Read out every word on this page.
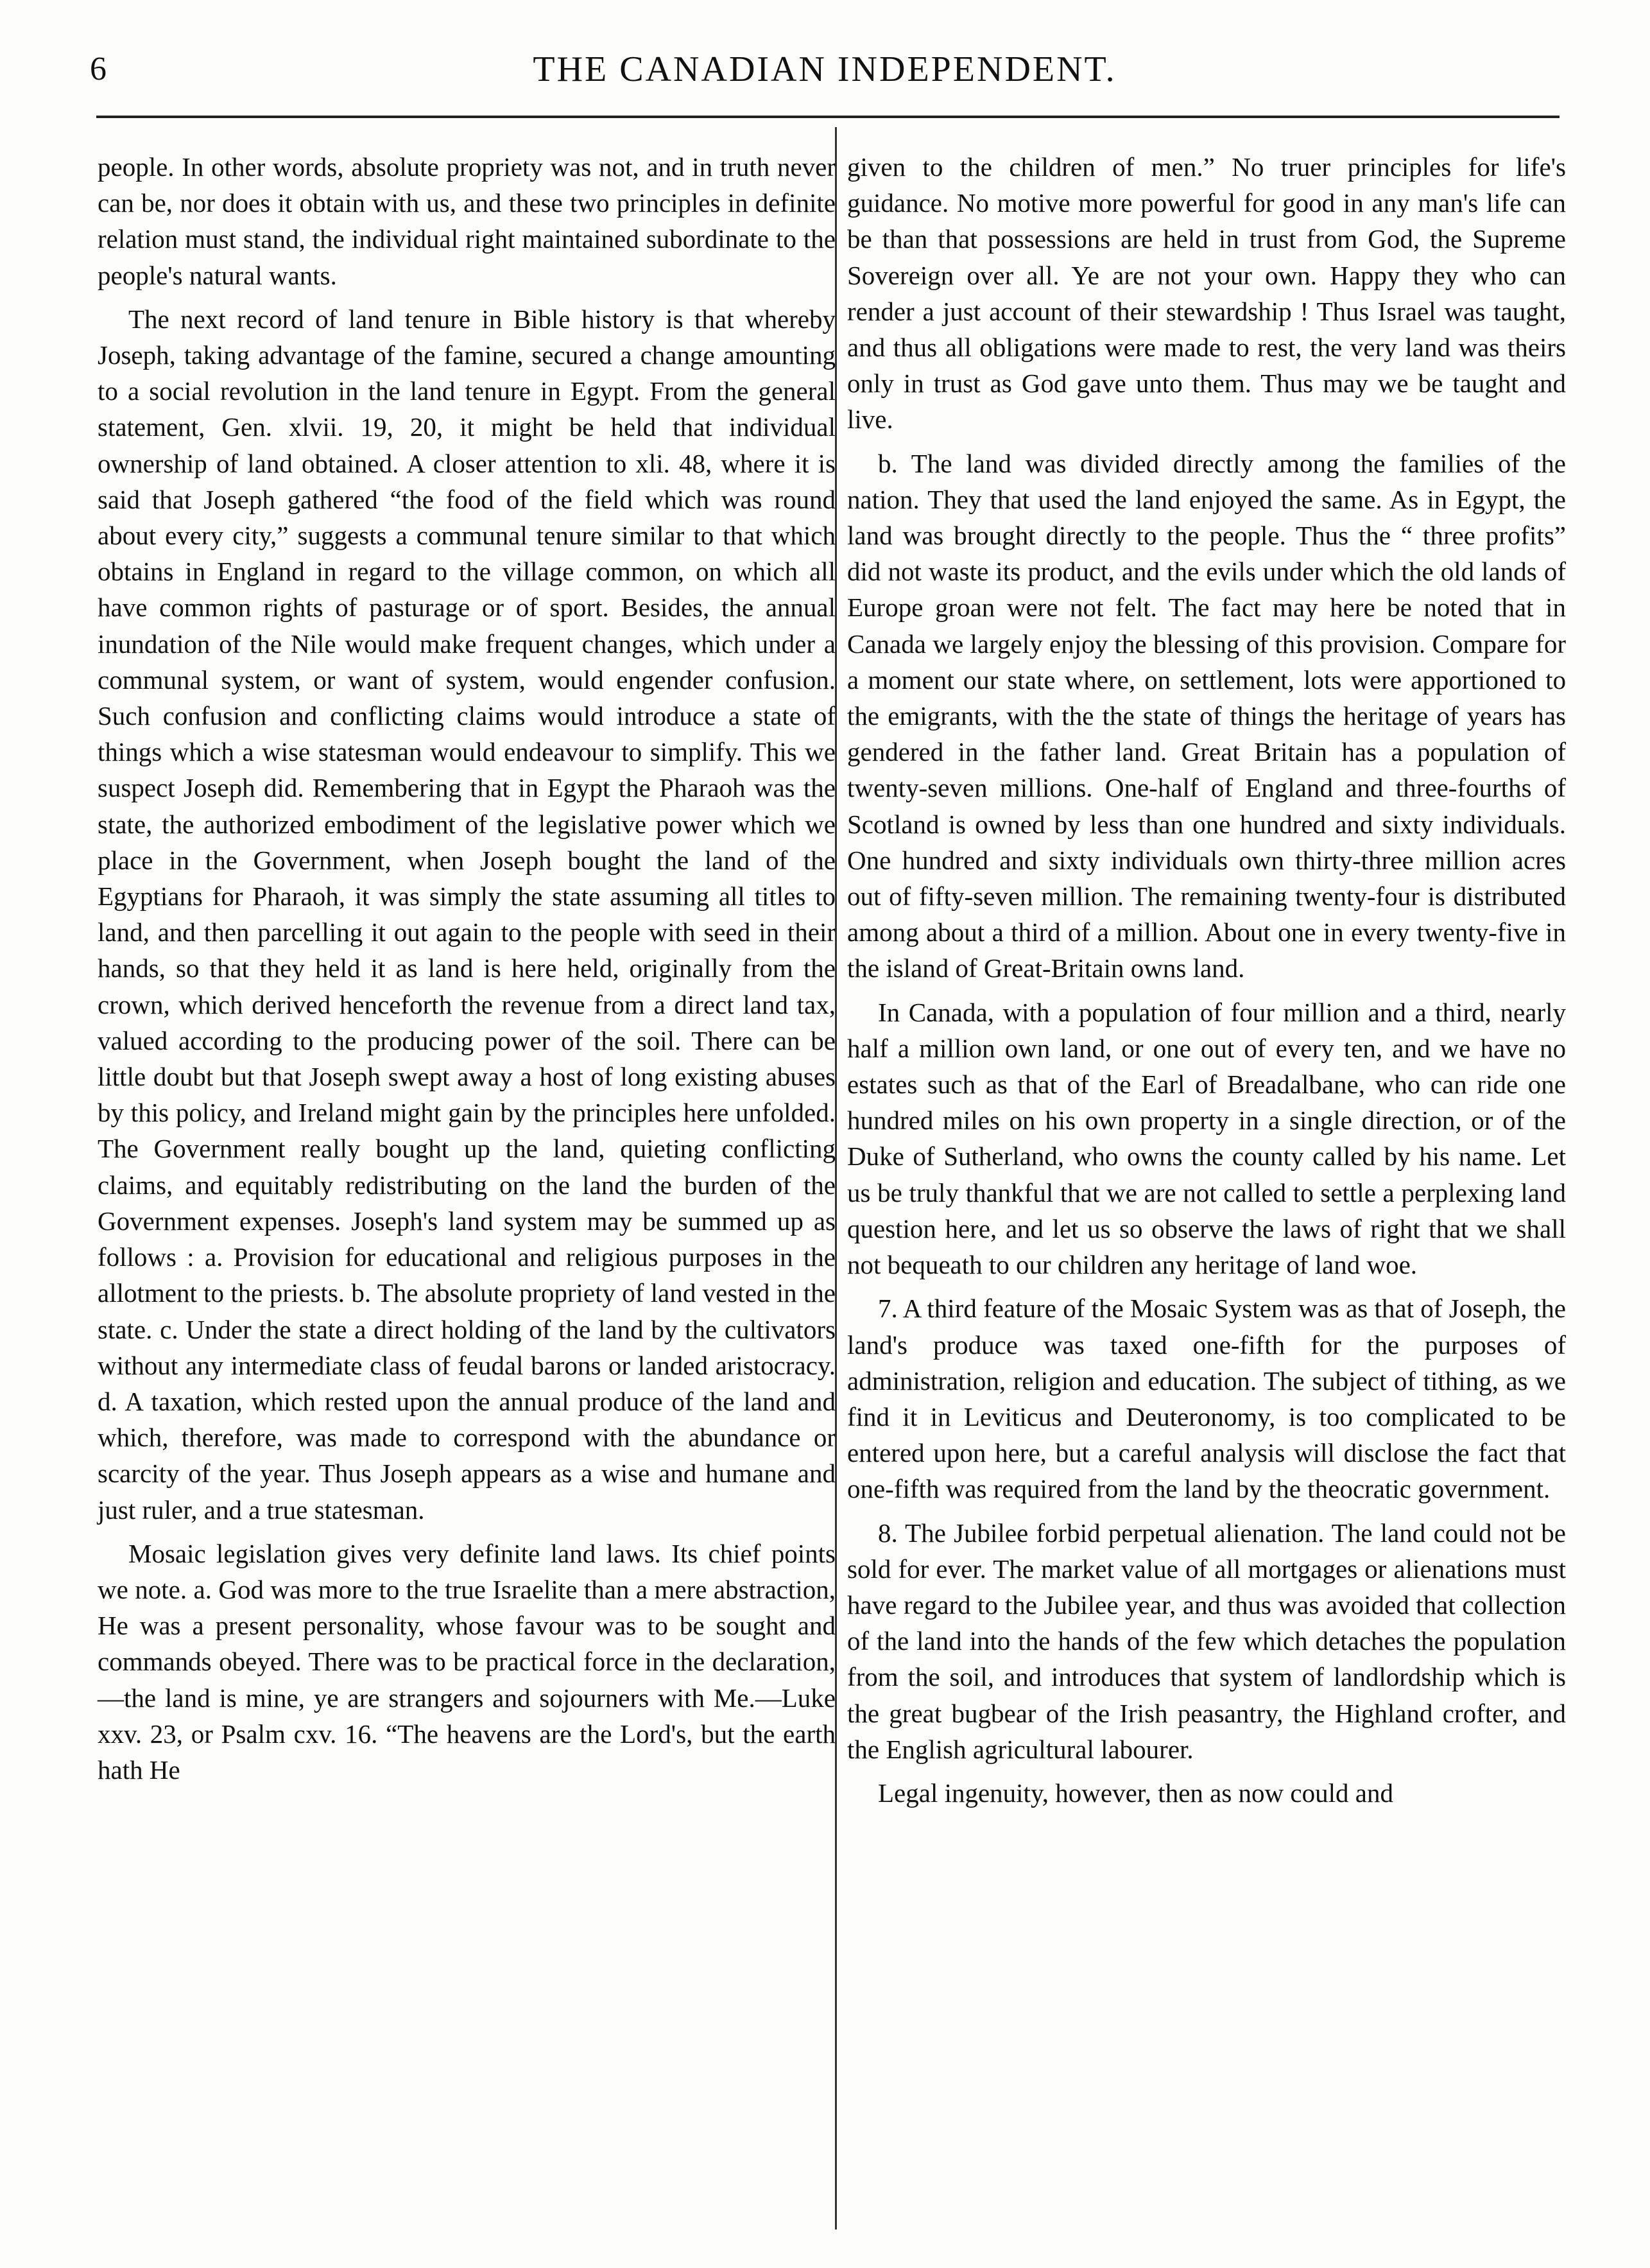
6	THE CANADIAN INDEPENDENT.

people. In other words, absolute propriety was not, and in truth never can be, nor does it obtain with us, and these two principles in definite relation must stand, the individual right maintained subordinate to the people's natural wants.

The next record of land tenure in Bible history is that whereby Joseph, taking advantage of the famine, secured a change amounting to a social revolution in the land tenure in Egypt. From the general statement, Gen. xlvii. 19, 20, it might be held that individual ownership of land obtained. A closer attention to xli. 48, where it is said that Joseph gathered “the food of the field which was round about every city,” suggests a communal tenure similar to that which obtains in England in regard to the village common, on which all have common rights of pasturage or of sport. Besides, the annual inundation of the Nile would make frequent changes, which under a communal system, or want of system, would engender confusion. Such confusion and conflicting claims would introduce a state of things which a wise statesman would endeavour to simplify. This we suspect Joseph did. Remembering that in Egypt the Pharaoh was the state, the authorized embodiment of the legislative power which we place in the Government, when Joseph bought the land of the Egyptians for Pharaoh, it was simply the state assuming all titles to land, and then parcelling it out again to the people with seed in their hands, so that they held it as land is here held, originally from the crown, which derived henceforth the revenue from a direct land tax, valued according to the producing power of the soil. There can be little doubt but that Joseph swept away a host of long existing abuses by this policy, and Ireland might gain by the principles here unfolded. The Government really bought up the land, quieting conflicting claims, and equitably redistributing on the land the burden of the Government expenses. Joseph's land system may be summed up as follows : a. Provision for educational and religious purposes in the allotment to the priests. b. The absolute propriety of land vested in the state. c. Under the state a direct holding of the land by the cultivators without any intermediate class of feudal barons or landed aristocracy. d. A taxation, which rested upon the annual produce of the land and which, therefore, was made to correspond with the abundance or scarcity of the year. Thus Joseph appears as a wise and humane and just ruler, and a true statesman.

Mosaic legislation gives very definite land laws. Its chief points we note. a. God was more to the true Israelite than a mere abstraction, He was a present personality, whose favour was to be sought and commands obeyed. There was to be practical force in the declaration,—the land is mine, ye are strangers and sojourners with Me.—Luke xxv. 23, or Psalm cxv. 16. “The heavens are the Lord's, but the earth hath He

given to the children of men.” No truer principles for life's guidance. No motive more powerful for good in any man's life can be than that possessions are held in trust from God, the Supreme Sovereign over all. Ye are not your own. Happy they who can render a just account of their stewardship ! Thus Israel was taught, and thus all obligations were made to rest, the very land was theirs only in trust as God gave unto them. Thus may we be taught and live.

b. The land was divided directly among the families of the nation. They that used the land enjoyed the same. As in Egypt, the land was brought directly to the people. Thus the “ three profits” did not waste its product, and the evils under which the old lands of Europe groan were not felt. The fact may here be noted that in Canada we largely enjoy the blessing of this provision. Compare for a moment our state where, on settlement, lots were apportioned to the emigrants, with the the state of things the heritage of years has gendered in the father land. Great Britain has a population of twenty-seven millions. One-half of England and three-fourths of Scotland is owned by less than one hundred and sixty individuals. One hundred and sixty individuals own thirty-three million acres out of fifty-seven million. The remaining twenty-four is distributed among about a third of a million. About one in every twenty-five in the island of Great-Britain owns land.

In Canada, with a population of four million and a third, nearly half a million own land, or one out of every ten, and we have no estates such as that of the Earl of Breadalbane, who can ride one hundred miles on his own property in a single direction, or of the Duke of Sutherland, who owns the county called by his name. Let us be truly thankful that we are not called to settle a perplexing land question here, and let us so observe the laws of right that we shall not bequeath to our children any heritage of land woe.

7. A third feature of the Mosaic System was as that of Joseph, the land's produce was taxed one-fifth for the purposes of administration, religion and education. The subject of tithing, as we find it in Leviticus and Deuteronomy, is too complicated to be entered upon here, but a careful analysis will disclose the fact that one-fifth was required from the land by the theocratic government.

8. The Jubilee forbid perpetual alienation. The land could not be sold for ever. The market value of all mortgages or alienations must have regard to the Jubilee year, and thus was avoided that collection of the land into the hands of the few which detaches the population from the soil, and introduces that system of landlordship which is the great bugbear of the Irish peasantry, the Highland crofter, and the English agricultural labourer.

Legal ingenuity, however, then as now could and
